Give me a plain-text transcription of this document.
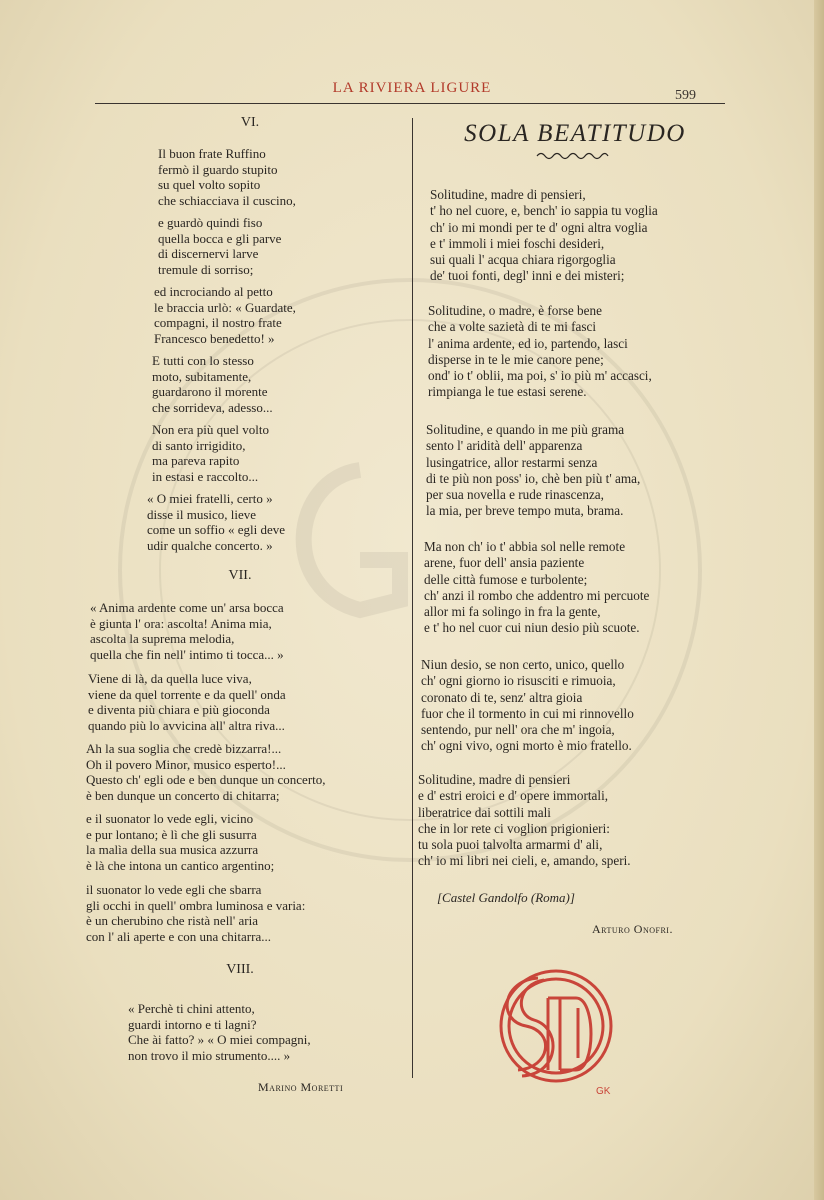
LA RIVIERA LIGURE	599
VI.
Il buon frate Ruffino
fermò il guardo stupito
su quel volto sopito
che schiacciava il cuscino,
e guardò quindi fiso
quella bocca e gli parve
di discernervi larve
tremule di sorriso;
ed incrociando al petto
le braccia urlò: « Guardate,
compagni, il nostro frate
Francesco benedetto! »
E tutti con lo stesso
moto, subitamente,
guardarono il morente
che sorrideva, adesso...
Non era più quel volto
di santo irrigidito,
ma pareva rapito
in estasi e raccolto...
« O miei fratelli, certo »
disse il musico, lieve
come un soffio « egli deve
udir qualche concerto. »
VII.
« Anima ardente come un' arsa bocca
è giunta l' ora: ascolta! Anima mia,
ascolta la suprema melodia,
quella che fin nell' intimo ti tocca... »
Viene di là, da quella luce viva,
viene da quel torrente e da quell' onda
e diventa più chiara e più gioconda
quando più lo avvicina all' altra riva...
Ah la sua soglia che credè bizzarra!...
Oh il povero Minor, musico esperto!...
Questo ch' egli ode e ben dunque un concerto,
è ben dunque un concerto di chitarra;
e il suonator lo vede egli, vicino
e pur lontano; è lì che gli susurra
la malìa della sua musica azzurra
è là che intona un cantico argentino;
il suonator lo vede egli che sbarra
gli occhi in quell' ombra luminosa e varia:
è un cherubino che ristà nell' aria
con l' ali aperte e con una chitarra...
VIII.
« Perchè ti chini attento,
guardi intorno e ti lagni?
Che ài fatto? » « O miei compagni,
non trovo il mio strumento.... »
Marino Moretti
SOLA BEATITUDO
Solitudine, madre di pensieri,
t' ho nel cuore, e, bench' io sappia tu voglia
ch' io mi mondi per te d' ogni altra voglia
e t' immoli i miei foschi desideri,
sui quali l' acqua chiara rigorgoglia
de' tuoi fonti, degl' inni e dei misteri;
Solitudine, o madre, è forse bene
che a volte sazietà di te mi fasci
l' anima ardente, ed io, partendo, lasci
disperse in te le mie canore pene;
ond' io t' oblii, ma poi, s' io più m' accasci,
rimpianga le tue estasi serene.
Solitudine, e quando in me più grama
sento l' aridità dell' apparenza
lusingatrice, allor restarmi senza
di te più non poss' io, chè ben più t' ama,
per sua novella e rude rinascenza,
la mia, per breve tempo muta, brama.
Ma non ch' io t' abbia sol nelle remote
arene, fuor dell' ansia paziente
delle città fumose e turbolente;
ch' anzi il rombo che addentro mi percuote
allor mi fa solingo in fra la gente,
e t' ho nel cuor cui niun desio più scuote.
Niun desio, se non certo, unico, quello
ch' ogni giorno io risusciti e rimuoia,
coronato di te, senz' altra gioia
fuor che il tormento in cui mi rinnovello
sentendo, pur nell' ora che m' ingoia,
ch' ogni vivo, ogni morto è mio fratello.
Solitudine, madre di pensieri
e d' estri eroici e d' opere immortali,
liberatrice dai sottili mali
che in lor rete ci voglion prigionieri:
tu sola puoi talvolta armarmi d' ali,
ch' io mi libri nei cieli, e, amando, speri.
[Castel Gandolfo (Roma)]
Arturo Onofri.
GK
